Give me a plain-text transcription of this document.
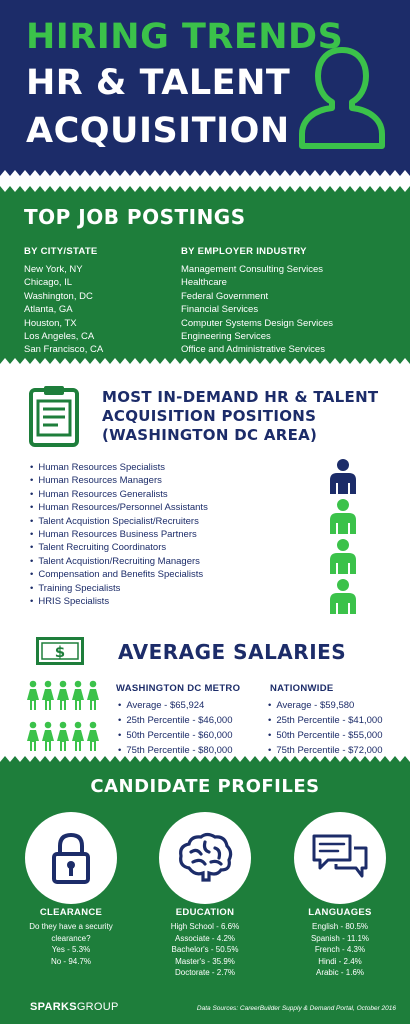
HIRING TRENDS
HR & TALENT
ACQUISITION
TOP JOB POSTINGS
BY CITY/STATE
New York, NY
Chicago, IL
Washington, DC
Atlanta, GA
Houston, TX
Los Angeles, CA
San Francisco, CA
BY EMPLOYER INDUSTRY
Management Consulting Services
Healthcare
Federal Government
Financial Services
Computer Systems Design Services
Engineering Services
Office and Administrative Services
MOST IN-DEMAND HR & TALENT
ACQUISITION POSITIONS
(WASHINGTON DC AREA)
• Human Resources Specialists
• Human Resources Managers
• Human Resources Generalists
• Human Resources/Personnel Assistants
• Talent Acquistion Specialist/Recruiters
• Human Resources Business Partners
• Talent Recruiting Coordinators
• Talent Acquistion/Recruiting Managers
• Compensation and Benefits Specialists
• Training Specialists
• HRIS Specialists
$	AVERAGE SALARIES
WASHINGTON DC METRO
• Average - $65,924
• 25th Percentile - $46,000
• 50th Percentile - $60,000
• 75th Percentile - $80,000
NATIONWIDE
• Average - $59,580
• 25th Percentile - $41,000
• 50th Percentile - $55,000
• 75th Percentile - $72,000
CANDIDATE PROFILES
CLEARANCE
Do they have a security
clearance?
Yes - 5.3%
No - 94.7%
EDUCATION
High School - 6.6%
Associate - 4.2%
Bachelor's - 50.5%
Master's - 35.9%
Doctorate - 2.7%
LANGUAGES
English - 80.5%
Spanish - 11.1%
French - 4.3%
Hindi - 2.4%
Arabic - 1.6%
SPARKSGROUP	Data Sources: CareerBuilder Supply & Demand Portal, October 2016
